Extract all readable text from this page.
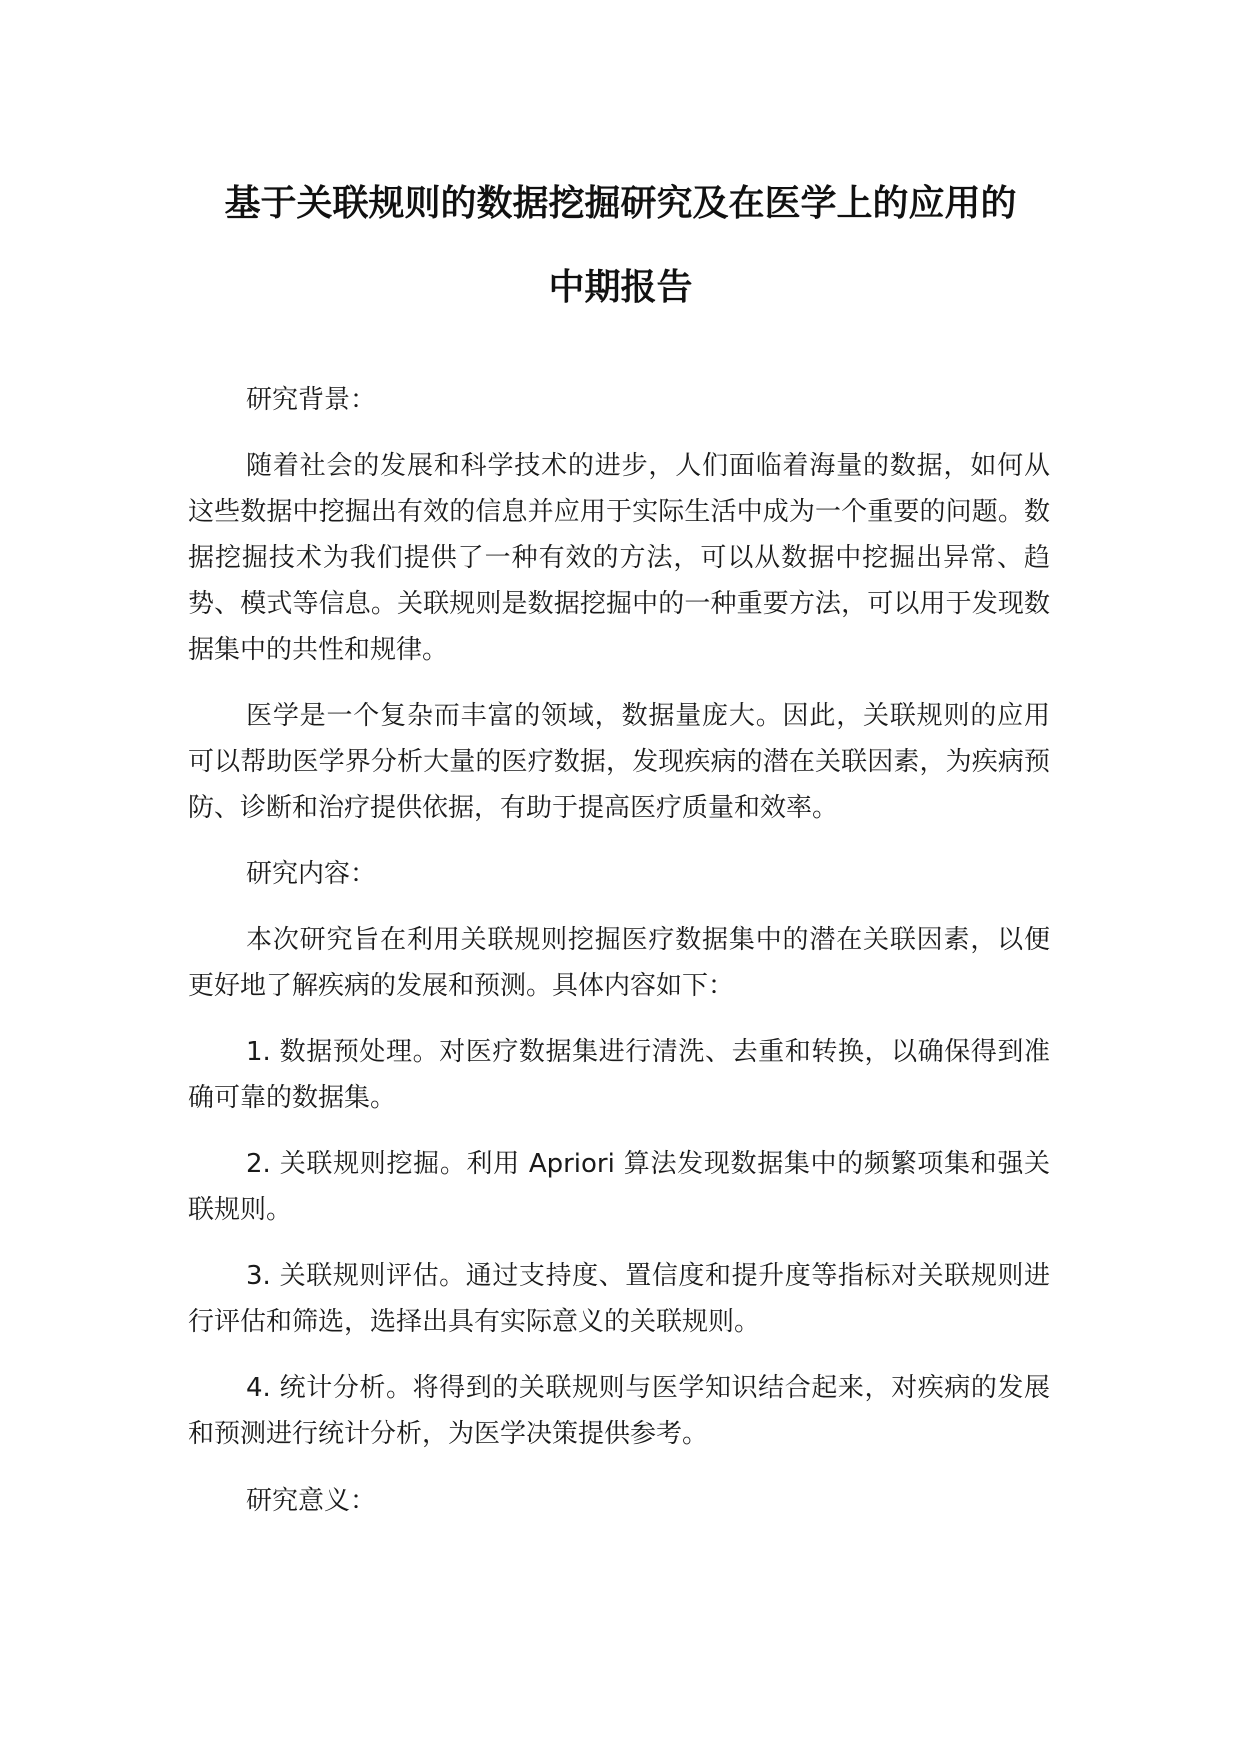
基于关联规则的数据挖掘研究及在医学上的应用的
中期报告

研究背景：

随着社会的发展和科学技术的进步，人们面临着海量的数据，如何从这些数据中挖掘出有效的信息并应用于实际生活中成为一个重要的问题。数据挖掘技术为我们提供了一种有效的方法，可以从数据中挖掘出异常、趋势、模式等信息。关联规则是数据挖掘中的一种重要方法，可以用于发现数据集中的共性和规律。

医学是一个复杂而丰富的领域，数据量庞大。因此，关联规则的应用可以帮助医学界分析大量的医疗数据，发现疾病的潜在关联因素，为疾病预防、诊断和治疗提供依据，有助于提高医疗质量和效率。

研究内容：

本次研究旨在利用关联规则挖掘医疗数据集中的潜在关联因素，以便更好地了解疾病的发展和预测。具体内容如下：

1. 数据预处理。对医疗数据集进行清洗、去重和转换，以确保得到准确可靠的数据集。

2. 关联规则挖掘。利用 Apriori 算法发现数据集中的频繁项集和强关联规则。

3. 关联规则评估。通过支持度、置信度和提升度等指标对关联规则进行评估和筛选，选择出具有实际意义的关联规则。

4. 统计分析。将得到的关联规则与医学知识结合起来，对疾病的发展和预测进行统计分析，为医学决策提供参考。

研究意义：
